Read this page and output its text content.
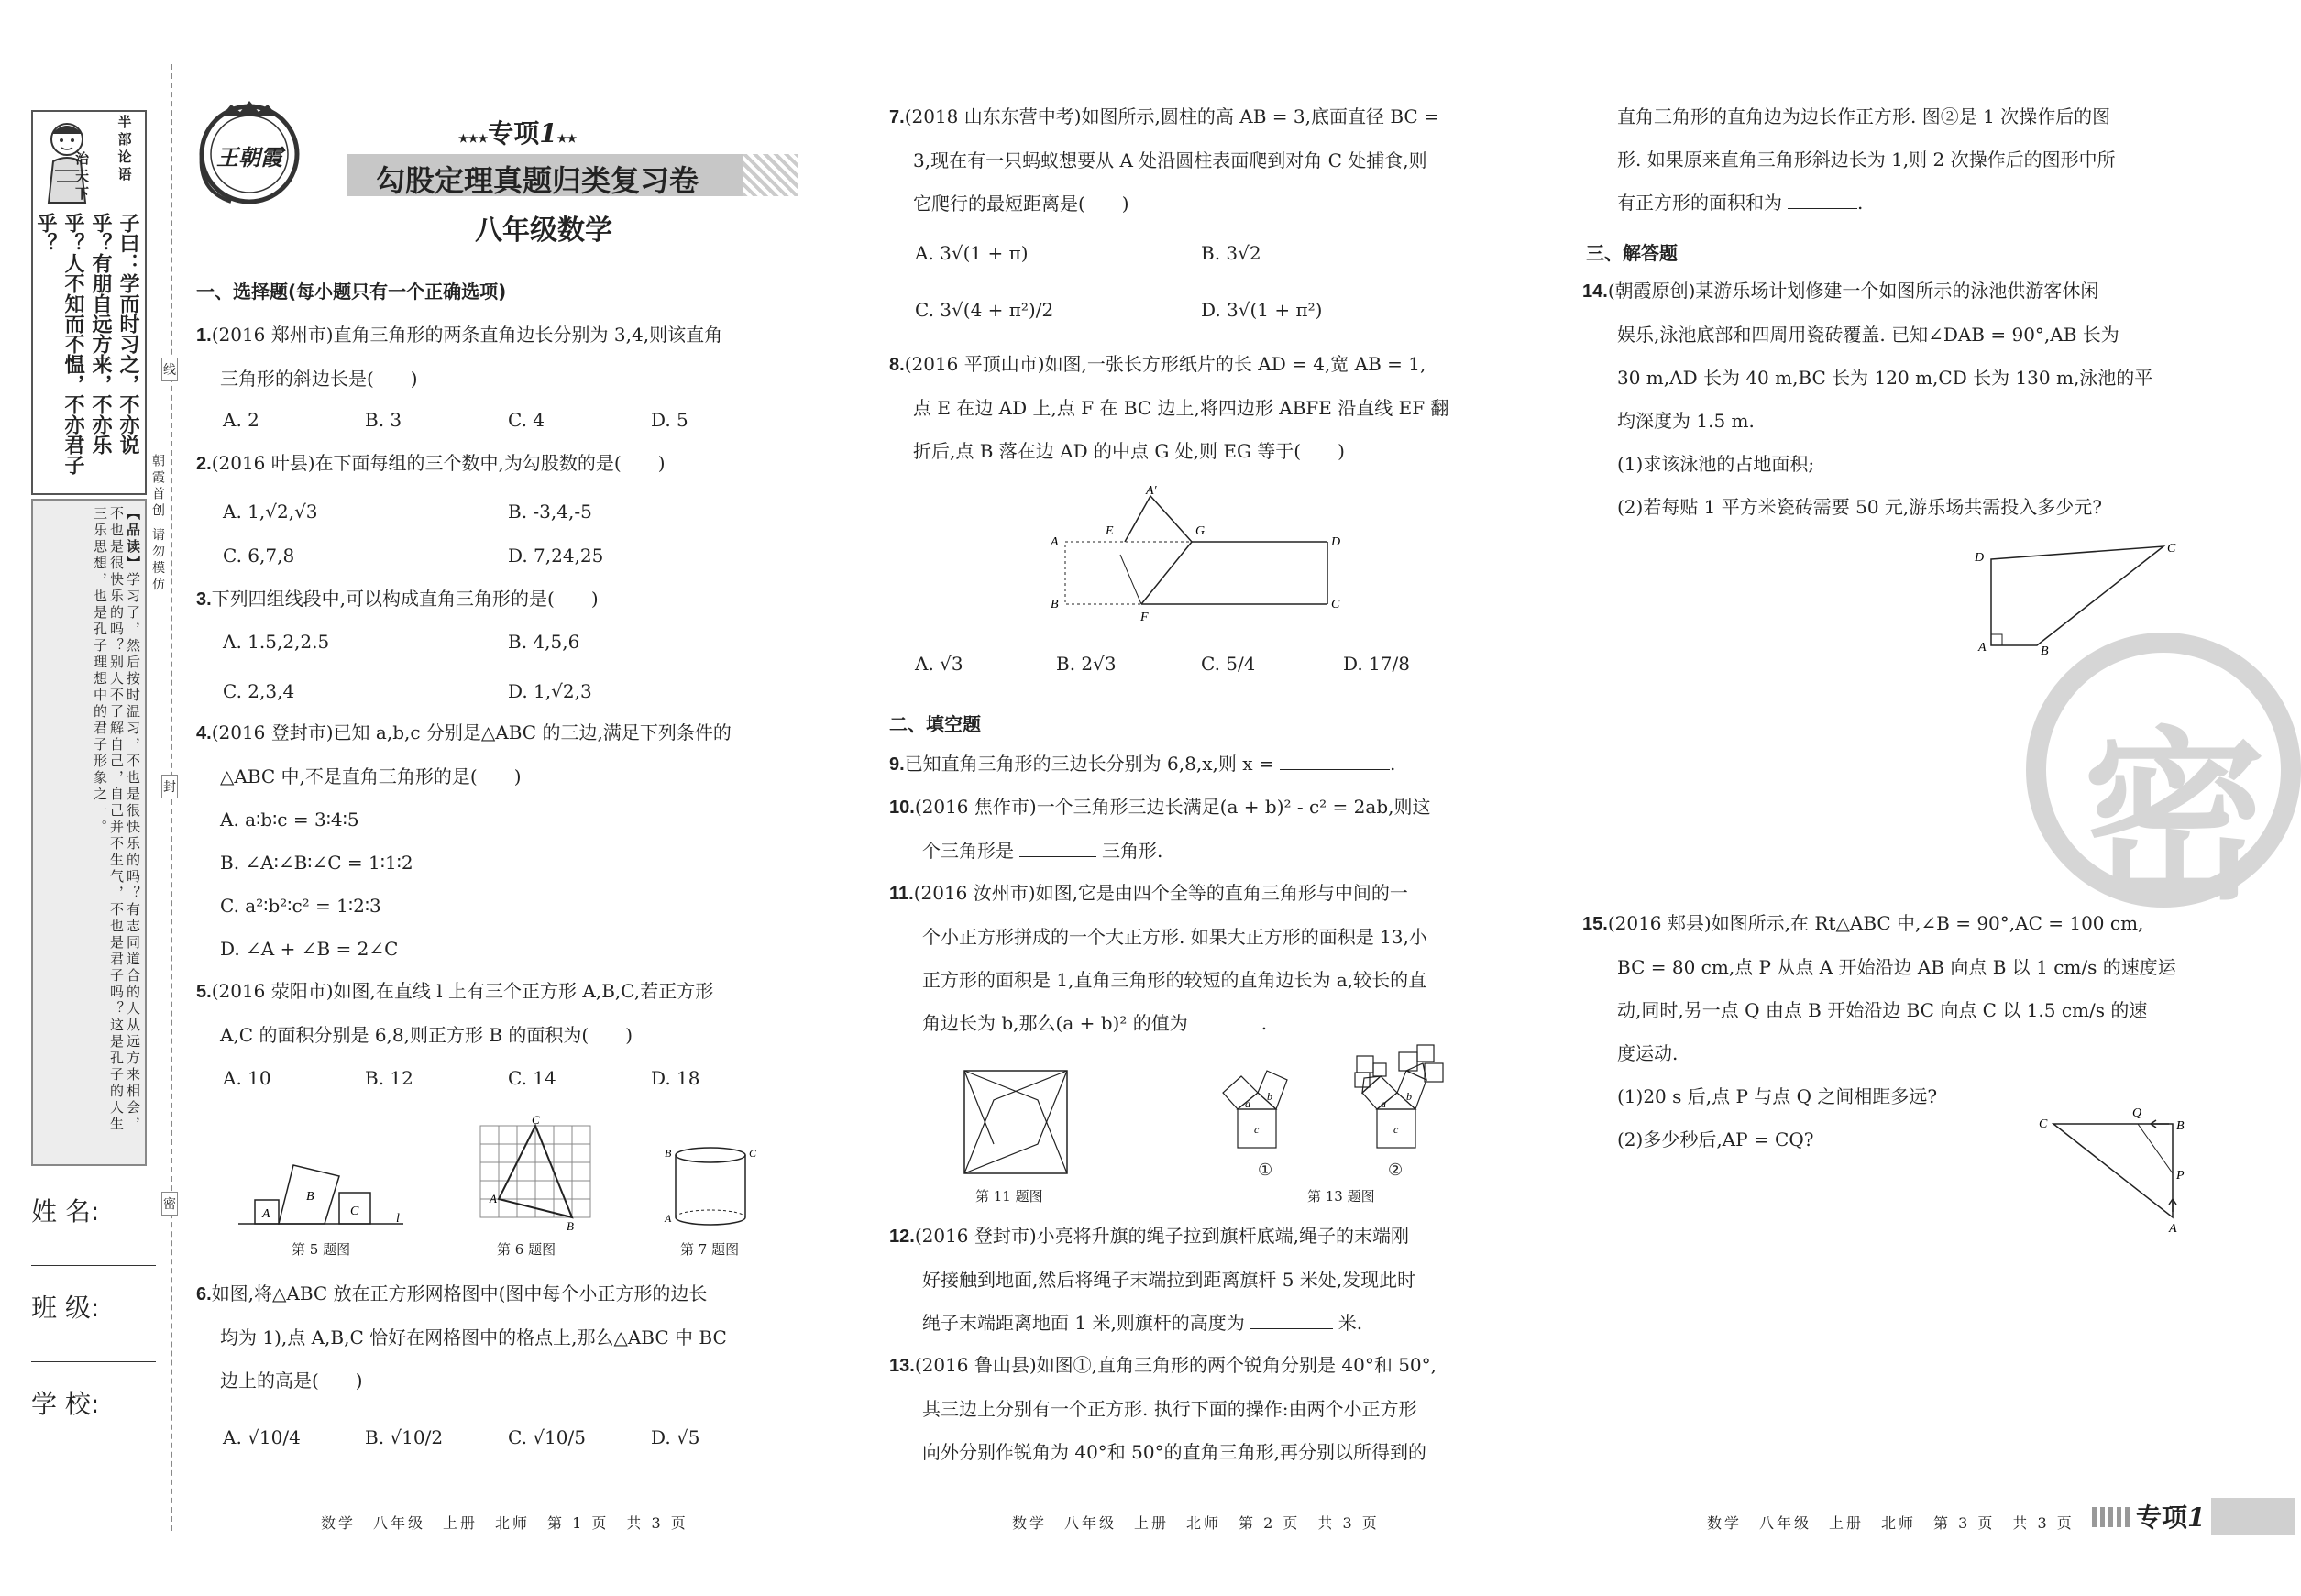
半
部
论
语
治
天
下
子曰：学而时习之，不亦说乎？有朋自远方来，不亦乐乎？人不知而不愠，不亦君子乎？
【品读】学习了，然后按时温习，不也是很快乐的吗？有志同道合的人从远方来相会，不也是很快乐的吗？别人不了解自己，自己并不生气，不也是君子吗？这是孔子的人生三乐思想，也是孔子理想中的君子形象之一。
姓 名:
班 级:
学 校:
线
封
密
朝霞首创 请勿模仿
王朝霞
★★★专项1★★
勾股定理真题归类复习卷
八年级数学
一、选择题(每小题只有一个正确选项)
1.(2016 郑州市)直角三角形的两条直角边长分别为 3,4,则该直角
三角形的斜边长是(　　)
A. 2	B. 3	C. 4	D. 5
2.(2016 叶县)在下面每组的三个数中,为勾股数的是(　　)
A. 1,√2,√3	B. -3,4,-5
C. 6,7,8	D. 7,24,25
3.下列四组线段中,可以构成直角三角形的是(　　)
A. 1.5,2,2.5	B. 4,5,6
C. 2,3,4	D. 1,√2,3
4.(2016 登封市)已知 a,b,c 分别是△ABC 的三边,满足下列条件的
△ABC 中,不是直角三角形的是(　　)
A. a∶b∶c = 3∶4∶5
B. ∠A∶∠B∶∠C = 1∶1∶2
C. a²∶b²∶c² = 1∶2∶3
D. ∠A + ∠B = 2∠C
5.(2016 荥阳市)如图,在直线 l 上有三个正方形 A,B,C,若正方形
A,C 的面积分别是 6,8,则正方形 B 的面积为(　　)
A. 10	B. 12	C. 14	D. 18
A
B
C
l
第 5 题图
C
A
B
第 6 题图
B	C
A
第 7 题图
6.如图,将△ABC 放在正方形网格图中(图中每个小正方形的边长
均为 1),点 A,B,C 恰好在网格图中的格点上,那么△ABC 中 BC
边上的高是(　　)
A. √10/4	B. √10/2	C. √10/5	D. √5
数学　八年级　上册　北师　第 1 页　共 3 页
7.(2018 山东东营中考)如图所示,圆柱的高 AB = 3,底面直径 BC =
3,现在有一只蚂蚁想要从 A 处沿圆柱表面爬到对角 C 处捕食,则
它爬行的最短距离是(　　)
A. 3√(1 + π)	B. 3√2
C. 3√(4 + π²)/2	D. 3√(1 + π²)
8.(2016 平顶山市)如图,一张长方形纸片的长 AD = 4,宽 AB = 1,
点 E 在边 AD 上,点 F 在 BC 边上,将四边形 ABFE 沿直线 EF 翻
折后,点 B 落在边 AD 的中点 G 处,则 EG 等于(　　)
A′
E	G
A	D
B	C
F
A. √3	B. 2√3	C. 5/4	D. 17/8
二、填空题
9.已知直角三角形的三边长分别为 6,8,x,则 x =	.
10.(2016 焦作市)一个三角形三边长满足(a + b)² - c² = 2ab,则这
个三角形是	三角形.
11.(2016 汝州市)如图,它是由四个全等的直角三角形与中间的一
个小正方形拼成的一个大正方形. 如果大正方形的面积是 13,小
正方形的面积是 1,直角三角形的较短的直角边长为 a,较长的直
角边长为 b,那么(a + b)² 的值为	.
第 11 题图
a
b
c
a
b
c
①	②
第 13 题图
12.(2016 登封市)小亮将升旗的绳子拉到旗杆底端,绳子的末端刚
好接触到地面,然后将绳子末端拉到距离旗杆 5 米处,发现此时
绳子末端距离地面 1 米,则旗杆的高度为	米.
13.(2016 鲁山县)如图①,直角三角形的两个锐角分别是 40°和 50°,
其三边上分别有一个正方形. 执行下面的操作:由两个小正方形
向外分别作锐角为 40°和 50°的直角三角形,再分别以所得到的
数学　八年级　上册　北师　第 2 页　共 3 页
直角三角形的直角边为边长作正方形. 图②是 1 次操作后的图
形. 如果原来直角三角形斜边长为 1,则 2 次操作后的图形中所
有正方形的面积和为	.
三、解答题
14.(朝霞原创)某游乐场计划修建一个如图所示的泳池供游客休闲
娱乐,泳池底部和四周用瓷砖覆盖. 已知∠DAB = 90°,AB 长为
30 m,AD 长为 40 m,BC 长为 120 m,CD 长为 130 m,泳池的平
均深度为 1.5 m.
(1)求该泳池的占地面积;
(2)若每贴 1 平方米瓷砖需要 50 元,游乐场共需投入多少元?
D
C
A	B
密
15.(2016 郏县)如图所示,在 Rt△ABC 中,∠B = 90°,AC = 100 cm,
BC = 80 cm,点 P 从点 A 开始沿边 AB 向点 B 以 1 cm/s 的速度运
动,同时,另一点 Q 由点 B 开始沿边 BC 向点 C 以 1.5 cm/s 的速
度运动.
(1)20 s 后,点 P 与点 Q 之间相距多远?
(2)多少秒后,AP = CQ?
C	B
Q
P
A
数学　八年级　上册　北师　第 3 页　共 3 页 专项1
